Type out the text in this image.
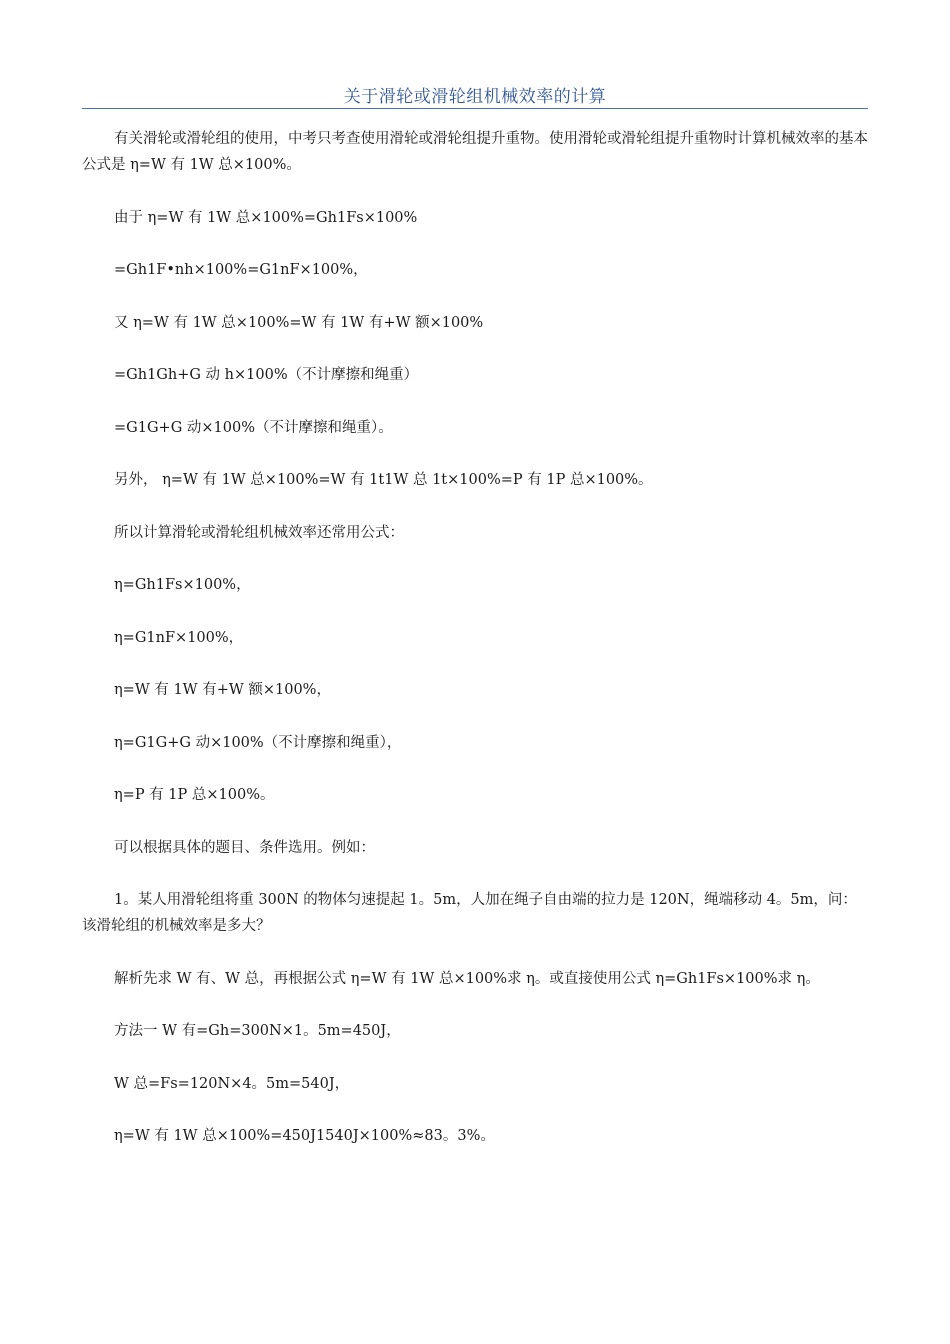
关于滑轮或滑轮组机械效率的计算

有关滑轮或滑轮组的使用，中考只考查使用滑轮或滑轮组提升重物。使用滑轮或滑轮组提升重物时计算机械效率的基本公式是 η=W 有 1W 总×100%。

由于 η=W 有 1W 总×100%=Gh1Fs×100%

=Gh1F•nh×100%=G1nF×100%，

又 η=W 有 1W 总×100%=W 有 1W 有+W 额×100%

=Gh1Gh+G 动 h×100%（不计摩擦和绳重）

=G1G+G 动×100%（不计摩擦和绳重）。

另外， η=W 有 1W 总×100%=W 有 1t1W 总 1t×100%=P 有 1P 总×100%。

所以计算滑轮或滑轮组机械效率还常用公式：

η=Gh1Fs×100%，

η=G1nF×100%，

η=W 有 1W 有+W 额×100%，

η=G1G+G 动×100%（不计摩擦和绳重），

η=P 有 1P 总×100%。

可以根据具体的题目、条件选用。例如：

1。某人用滑轮组将重 300N 的物体匀速提起 1。5m，人加在绳子自由端的拉力是 120N，绳端移动 4。5m，问：该滑轮组的机械效率是多大？

解析先求 W 有、W 总，再根据公式 η=W 有 1W 总×100%求 η。或直接使用公式 η=Gh1Fs×100%求 η。

方法一 W 有=Gh=300N×1。5m=450J，

W 总=Fs=120N×4。5m=540J，

η=W 有 1W 总×100%=450J1540J×100%≈83。3%。
